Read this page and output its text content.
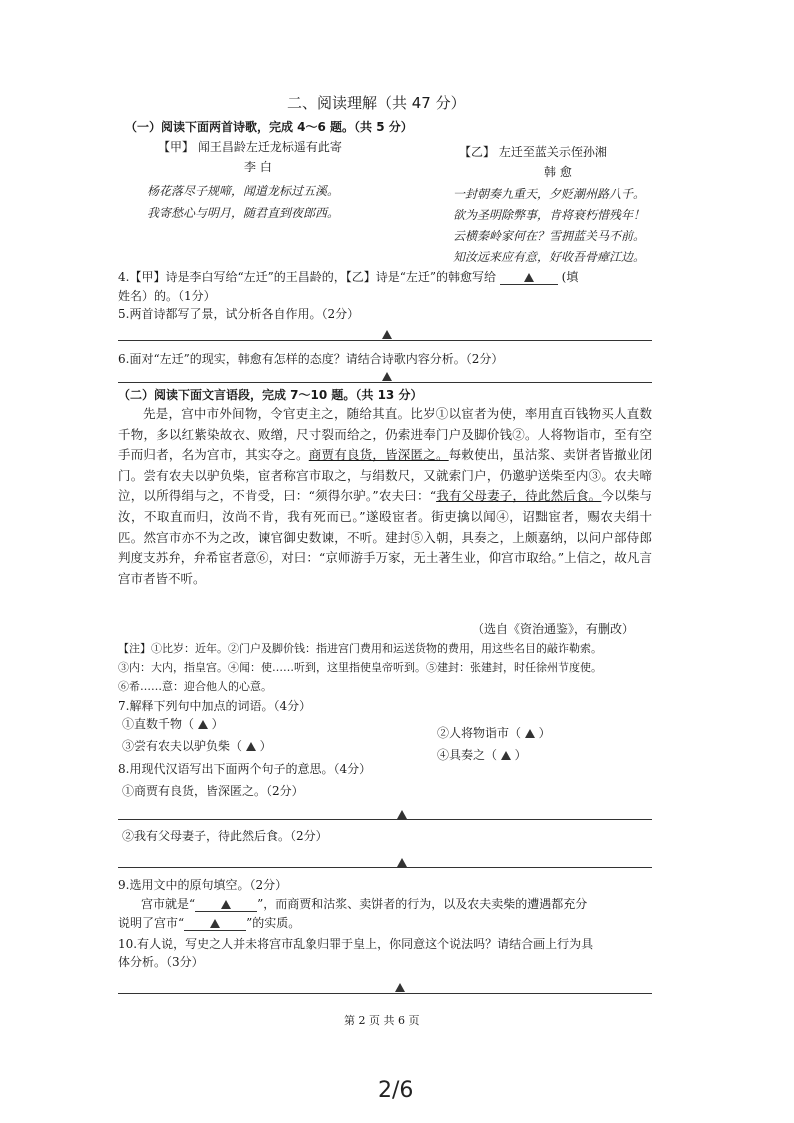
二、阅读理解（共 47 分）
（一）阅读下面两首诗歌，完成 4～6 题。（共 5 分）
【甲】 闻王昌龄左迁龙标遥有此寄
李 白
杨花落尽子规啼，闻道龙标过五溪。
我寄愁心与明月，随君直到夜郎西。
【乙】 左迁至蓝关示侄孙湘
韩 愈
一封朝奏九重天，夕贬潮州路八千。
欲为圣明除弊事，肯将衰朽惜残年！
云横秦岭家何在？雪拥蓝关马不前。
知汝远来应有意，好收吾骨瘴江边。
4.【甲】诗是李白写给“左迁”的王昌龄的，【乙】诗是“左迁”的韩愈写给	(填
姓名）的。（1分）
5.两首诗都写了景，试分析各自作用。（2分）
6.面对“左迁”的现实，韩愈有怎样的态度？请结合诗歌内容分析。（2分）
（二）阅读下面文言语段，完成 7～10 题。（共 13 分）
先是，宫中市外间物，令官吏主之，随给其直。比岁①以宦者为使，率用直百钱物买人直数千物，多以红紫染故衣、败缯，尺寸裂而给之，仍索进奉门户及脚价钱②。人将物诣市，至有空手而归者，名为宫市，其实夺之。商贾有良货，皆深匿之。每敕使出，虽沽浆、卖饼者皆撤业闭门。尝有农夫以驴负柴，宦者称宫市取之，与绢数尺，又就索门户，仍邀驴送柴至内③。农夫啼泣，以所得绢与之，不肯受，曰：“须得尔驴。”农夫曰：“我有父母妻子，待此然后食。今以柴与汝，不取直而归，汝尚不肯，我有死而已。”遂殴宦者。街吏擒以闻④，诏黜宦者，赐农夫绢十匹。然宫市亦不为之改，谏官御史数谏，不听。建封⑤入朝，具奏之，上颇嘉纳，以问户部侍郎判度支苏弁，弁希宦者意⑥，对曰：“京师游手万家，无土著生业，仰宫市取给。”上信之，故凡言宫市者皆不听。
（选自《资治通鉴》，有删改）
【注】①比岁：近年。②门户及脚价钱：指进宫门费用和运送货物的费用，用这些名目的敲诈勒索。
③内：大内，指皇宫。④闻：使……听到，这里指使皇帝听到。⑤建封：张建封，时任徐州节度使。
⑥希……意：迎合他人的心意。
7.解释下列句中加点的词语。（4分）
①直数千物（  ）
②人将物诣市（  ）
③尝有农夫以驴负柴（  ）
④具奏之（  ）
8.用现代汉语写出下面两个句子的意思。（4分）
①商贾有良货，皆深匿之。（2分）
②我有父母妻子，待此然后食。（2分）
9.选用文中的原句填空。（2分）
宫市就是“	”，而商贾和沽浆、卖饼者的行为，以及农夫卖柴的遭遇都充分
说明了宫市“	”的实质。
10.有人说，写史之人并未将宫市乱象归罪于皇上，你同意这个说法吗？请结合画上行为具
体分析。（3分）
第 2 页 共 6 页
2/6
